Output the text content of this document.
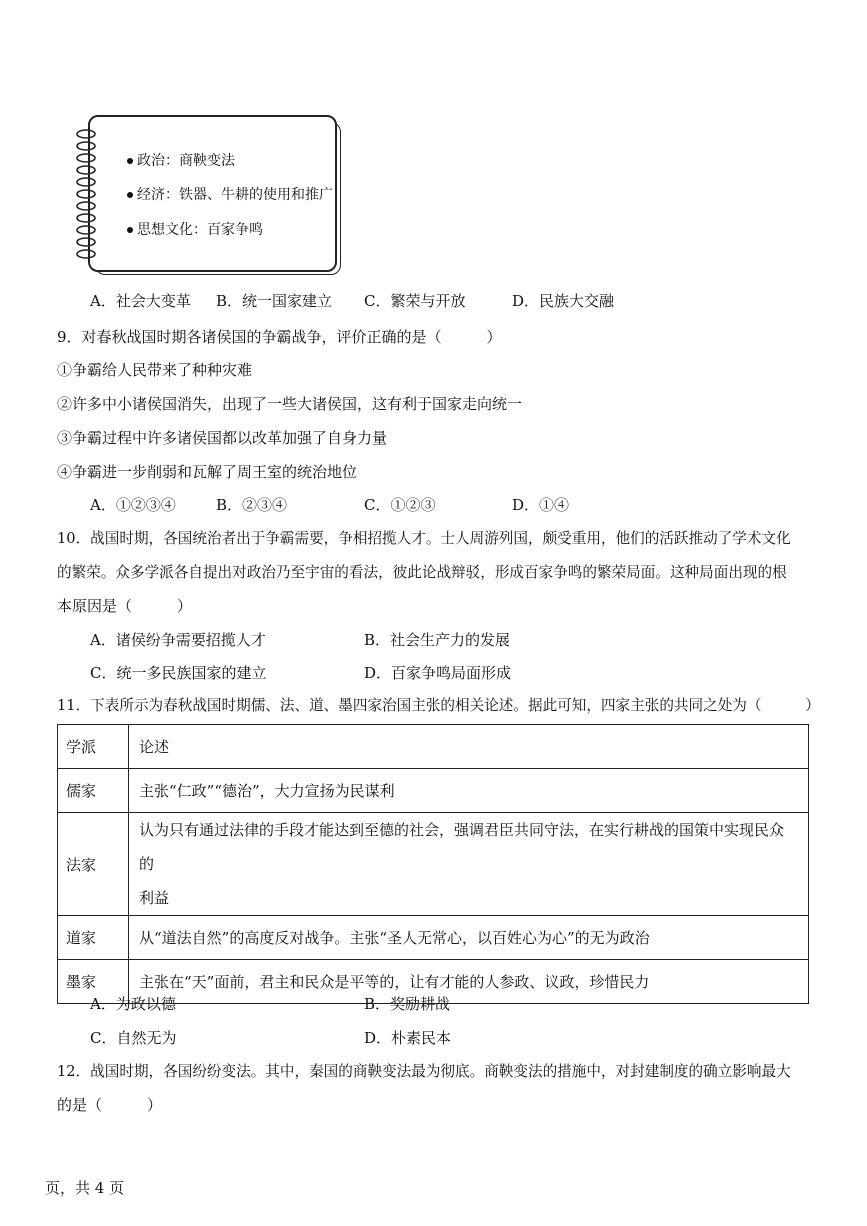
政治：商鞅变法
经济：铁器、牛耕的使用和推广
思想文化：百家争鸣
A．社会大变革 B．统一国家建立 C．繁荣与开放	D．民族大交融
9．对春秋战国时期各诸侯国的争霸战争，评价正确的是（　　　）
①争霸给人民带来了种种灾难
②许多中小诸侯国消失，出现了一些大诸侯国，这有利于国家走向统一
③争霸过程中许多诸侯国都以改革加强了自身力量
④争霸进一步削弱和瓦解了周王室的统治地位
A．①②③④	B．②③④	C．①②③	D．①④
10．战国时期，各国统治者出于争霸需要，争相招揽人才。士人周游列国，颇受重用，他们的活跃推动了学术文化
的繁荣。众多学派各自提出对政治乃至宇宙的看法，彼此论战辩驳，形成百家争鸣的繁荣局面。这种局面出现的根
本原因是（　　　）
A．诸侯纷争需要招揽人才	B．社会生产力的发展
C．统一多民族国家的建立	D．百家争鸣局面形成
11．下表所示为春秋战国时期儒、法、道、墨四家治国主张的相关论述。据此可知，四家主张的共同之处为（　　　）
学派	论述
儒家	主张“仁政”“德治”，大力宣扬为民谋利
法家	认为只有通过法律的手段才能达到至德的社会，强调君臣共同守法，在实行耕战的国策中实现民众的
利益
道家	从“道法自然”的高度反对战争。主张“圣人无常心，以百姓心为心”的无为政治
墨家	主张在“天”面前，君主和民众是平等的，让有才能的人参政、议政，珍惜民力
A．为政以德	B．奖励耕战
C．自然无为	D．朴素民本
12．战国时期，各国纷纷变法。其中，秦国的商鞅变法最为彻底。商鞅变法的措施中，对封建制度的确立影响最大
的是（　　　）
页，共 4 页
